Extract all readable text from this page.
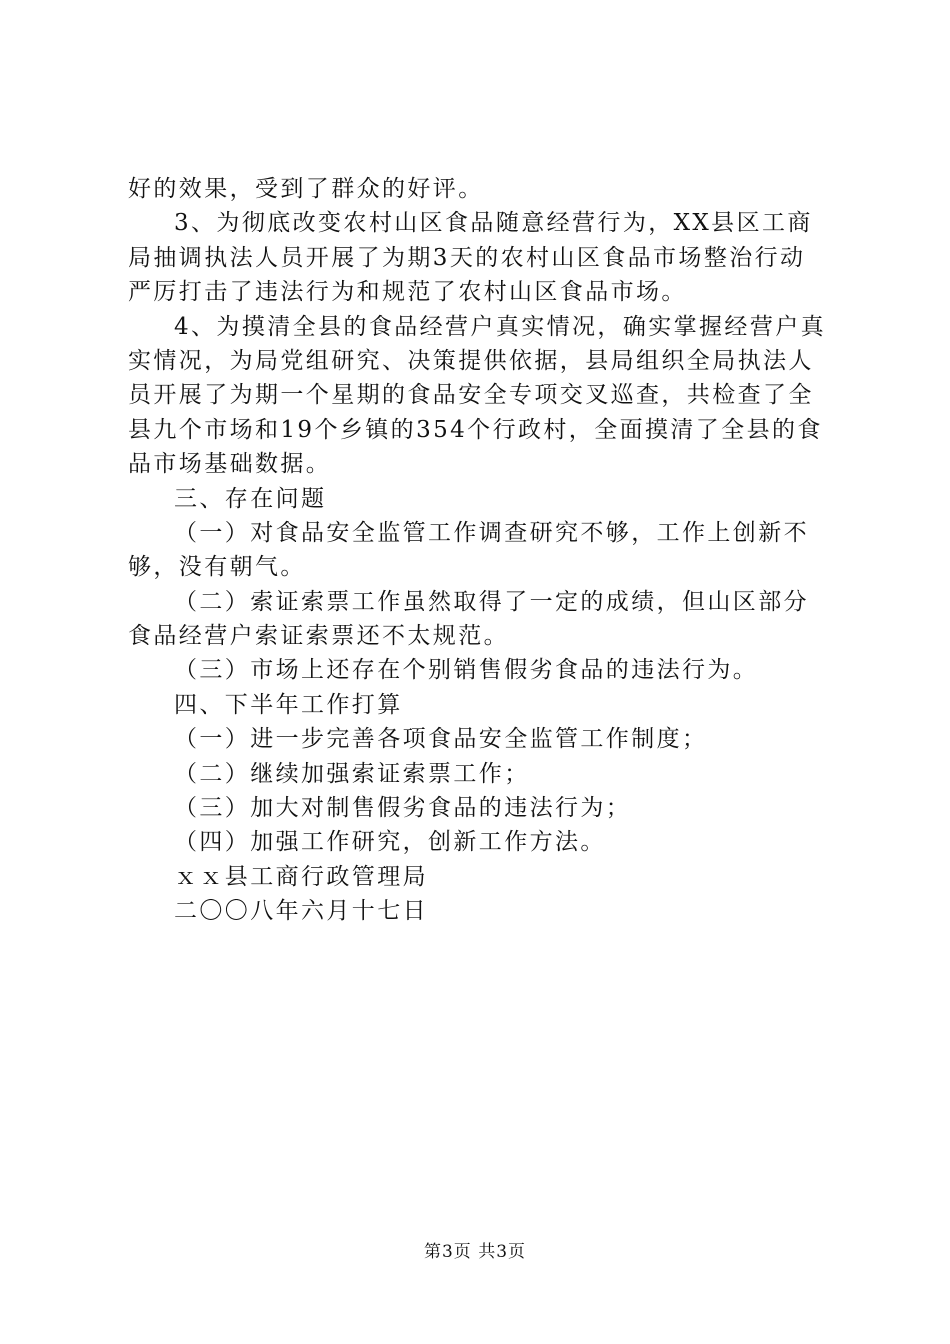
好的效果，受到了群众的好评。
3、为彻底改变农村山区食品随意经营行为，XX县区工商
局抽调执法人员开展了为期3天的农村山区食品市场整治行动
严厉打击了违法行为和规范了农村山区食品市场。
4、为摸清全县的食品经营户真实情况，确实掌握经营户真
实情况，为局党组研究、决策提供依据，县局组织全局执法人
员开展了为期一个星期的食品安全专项交叉巡查，共检查了全
县九个市场和19个乡镇的354个行政村，全面摸清了全县的食
品市场基础数据。
三、存在问题
（一）对食品安全监管工作调查研究不够，工作上创新不
够，没有朝气。
（二）索证索票工作虽然取得了一定的成绩，但山区部分
食品经营户索证索票还不太规范。
（三）市场上还存在个别销售假劣食品的违法行为。
四、下半年工作打算
（一）进一步完善各项食品安全监管工作制度；
（二）继续加强索证索票工作；
（三）加大对制售假劣食品的违法行为；
（四）加强工作研究，创新工作方法。
ｘｘ县工商行政管理局
二〇〇八年六月十七日
第3页 共3页
